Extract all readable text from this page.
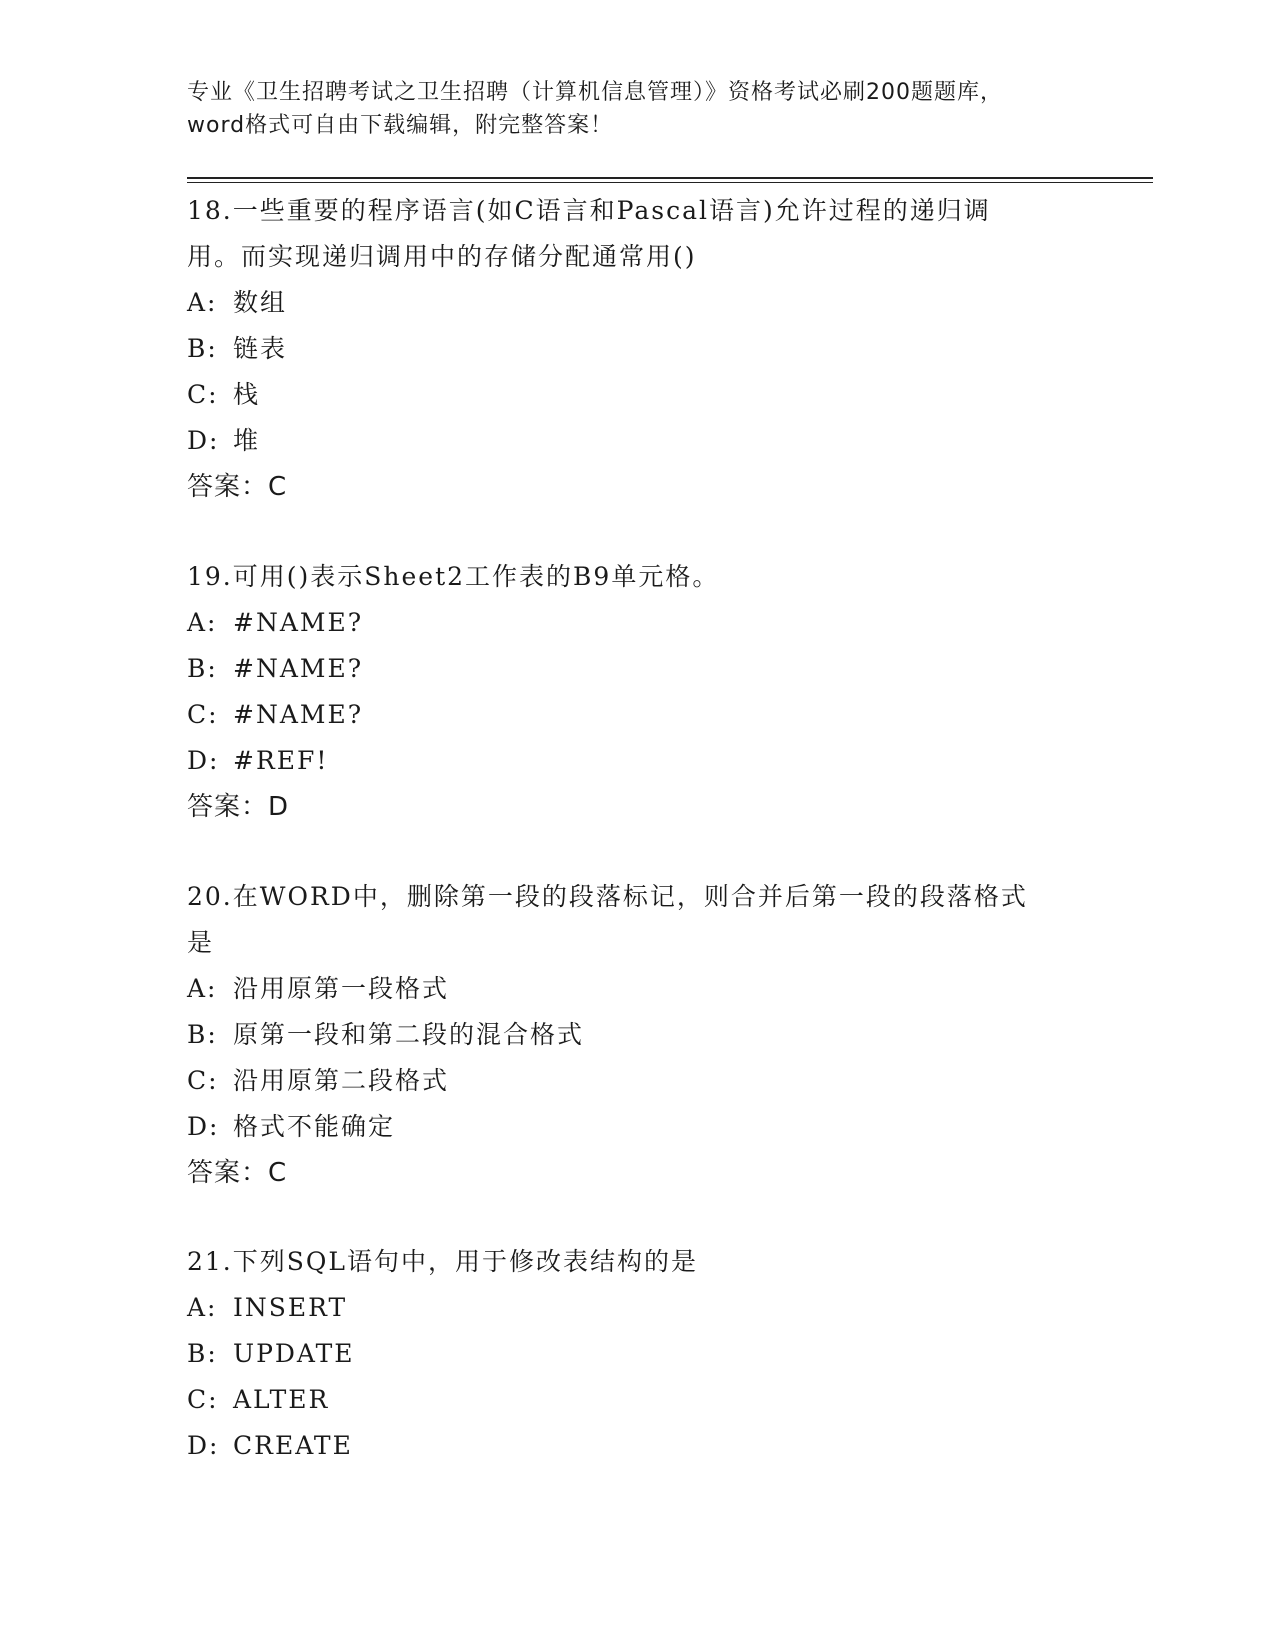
专业《卫生招聘考试之卫生招聘（计算机信息管理）》资格考试必刷200题题库，
word格式可自由下载编辑，附完整答案！
18.一些重要的程序语言(如C语言和Pascal语言)允许过程的递归调
用。而实现递归调用中的存储分配通常用()
A: 数组
B: 链表
C: 栈
D: 堆
答案：C
19.可用()表示Sheet2工作表的B9单元格。
A: #NAME?
B: #NAME?
C: #NAME?
D: #REF!
答案：D
20.在WORD中，删除第一段的段落标记，则合并后第一段的段落格式
是
A: 沿用原第一段格式
B: 原第一段和第二段的混合格式
C: 沿用原第二段格式
D: 格式不能确定
答案：C
21.下列SQL语句中，用于修改表结构的是
A: INSERT
B: UPDATE
C: ALTER
D: CREATE
